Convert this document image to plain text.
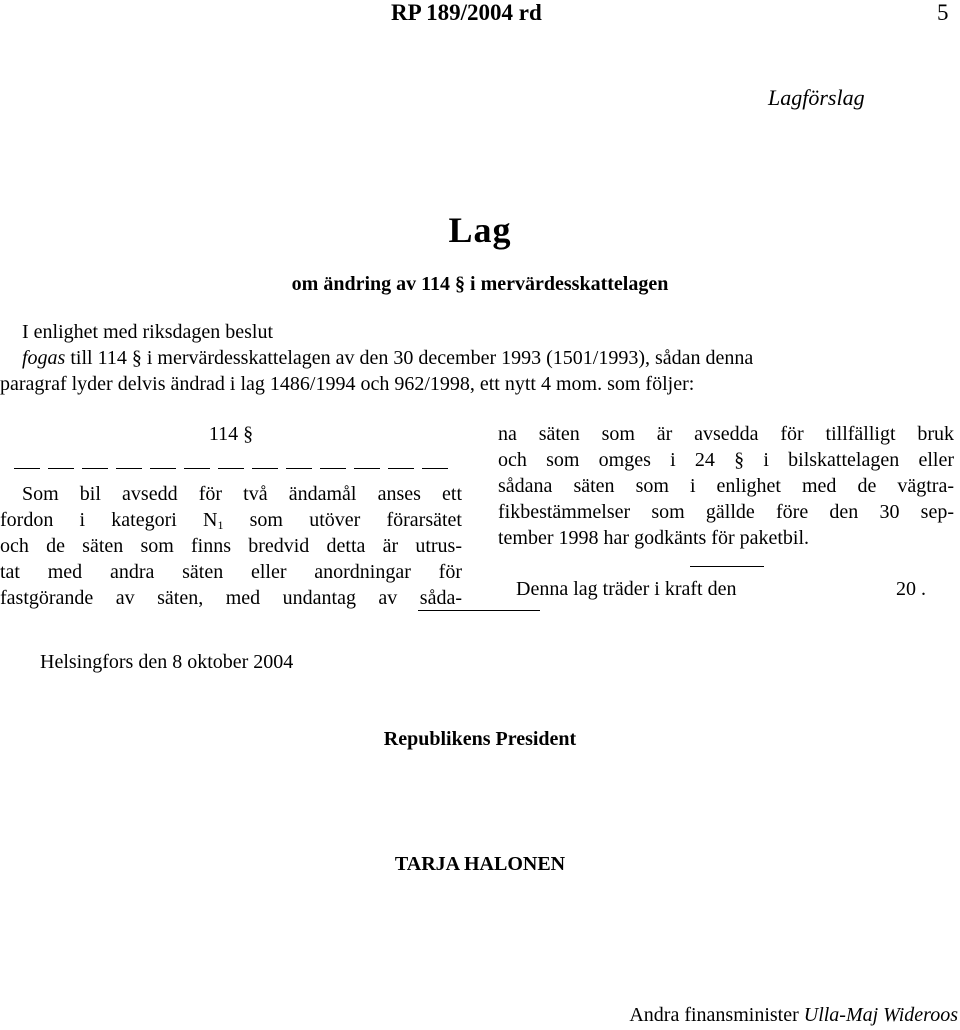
RP 189/2004 rd	5
Lagförslag
Lag
om ändring av 114 § i mervärdesskattelagen
I enlighet med riksdagen beslut
fogas till 114 § i mervärdesskattelagen av den 30 december 1993 (1501/1993), sådan denna
paragraf lyder delvis ändrad i lag 1486/1994 och 962/1998, ett nytt 4 mom. som följer:
114 §
Som bil avsedd för två ändamål anses ett
fordon i kategori $N_1$ som utöver förarsätet
och de säten som finns bredvid detta är utrus-
tat med andra säten eller anordningar för
fastgörande av säten, med undantag av såda-
na säten som är avsedda för tillfälligt bruk
och som omges i 24 § i bilskattelagen eller
sådana säten som i enlighet med de vägtra-
fikbestämmelser som gällde före den 30 sep-
tember 1998 har godkänts för paketbil.
Denna lag träder i kraft den	20 .
Helsingfors den 8 oktober 2004
Republikens President
TARJA HALONEN
Andra finansminister Ulla-Maj Wideroos
